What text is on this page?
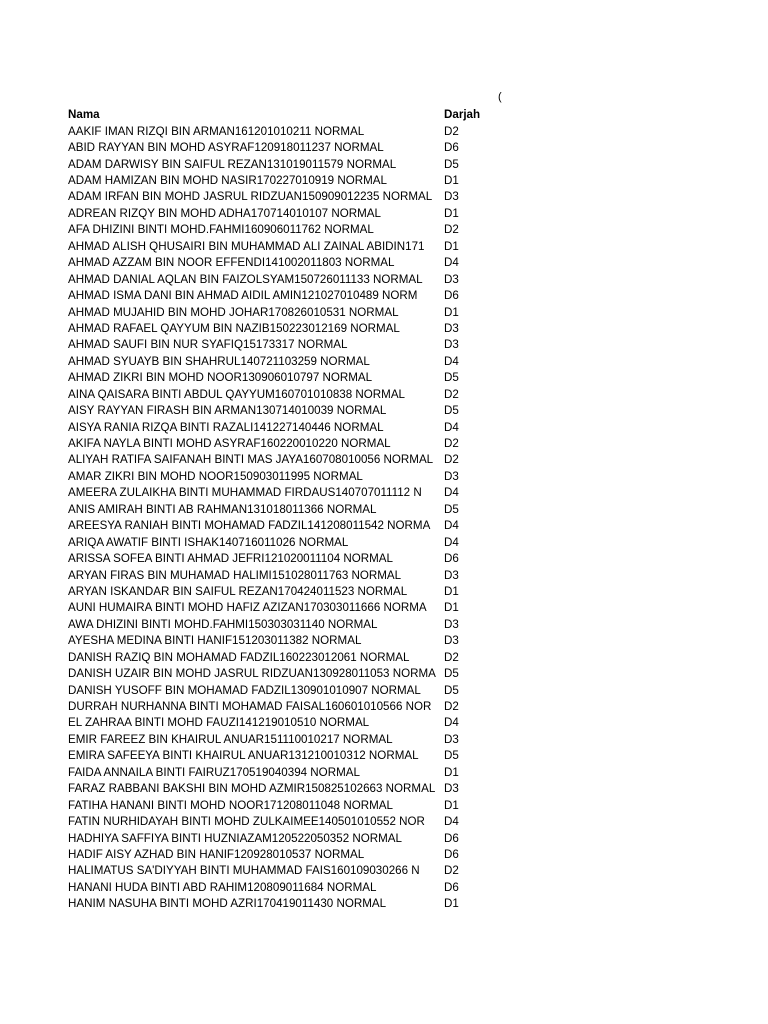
(
Nama	Darjah
AAKIF IMAN RIZQI BIN ARMAN161201010211 NORMAL	D2
ABID RAYYAN BIN MOHD ASYRAF120918011237 NORMAL	D6
ADAM DARWISY BIN SAIFUL REZAN131019011579 NORMAL	D5
ADAM HAMIZAN BIN MOHD NASIR170227010919 NORMAL	D1
ADAM IRFAN BIN MOHD JASRUL RIDZUAN150909012235 NORMAL	D3
ADREAN RIZQY BIN MOHD ADHA170714010107 NORMAL	D1
AFA DHIZINI BINTI MOHD.FAHMI160906011762 NORMAL	D2
AHMAD ALISH QHUSAIRI BIN MUHAMMAD ALI ZAINAL ABIDIN171	D1
AHMAD AZZAM BIN NOOR EFFENDI141002011803 NORMAL	D4
AHMAD DANIAL AQLAN BIN FAIZOLSYAM150726011133 NORMAL	D3
AHMAD ISMA DANI BIN AHMAD AIDIL AMIN121027010489 NORM	D6
AHMAD MUJAHID BIN MOHD JOHAR170826010531 NORMAL	D1
AHMAD RAFAEL QAYYUM BIN NAZIB150223012169 NORMAL	D3
AHMAD SAUFI BIN NUR SYAFIQ15173317 NORMAL	D3
AHMAD SYUAYB BIN SHAHRUL140721103259 NORMAL	D4
AHMAD ZIKRI BIN MOHD NOOR130906010797 NORMAL	D5
AINA QAISARA BINTI ABDUL QAYYUM160701010838 NORMAL	D2
AISY RAYYAN FIRASH BIN ARMAN130714010039 NORMAL	D5
AISYA RANIA RIZQA BINTI RAZALI141227140446 NORMAL	D4
AKIFA NAYLA BINTI MOHD ASYRAF160220010220 NORMAL	D2
ALIYAH RATIFA SAIFANAH BINTI MAS JAYA160708010056 NORMAL D2
AMAR ZIKRI BIN MOHD NOOR150903011995 NORMAL	D3
AMEERA ZULAIKHA BINTI MUHAMMAD FIRDAUS140707011112 N	D4
ANIS AMIRAH BINTI AB RAHMAN131018011366 NORMAL	D5
AREESYA RANIAH BINTI MOHAMAD FADZIL141208011542 NORMA	D4
ARIQA AWATIF BINTI ISHAK140716011026 NORMAL	D4
ARISSA SOFEA BINTI AHMAD JEFRI121020011104 NORMAL	D6
ARYAN FIRAS BIN MUHAMAD HALIMI151028011763 NORMAL	D3
ARYAN ISKANDAR BIN SAIFUL REZAN170424011523 NORMAL	D1
AUNI HUMAIRA BINTI MOHD HAFIZ AZIZAN170303011666 NORMA	D1
AWA DHIZINI BINTI MOHD.FAHMI150303031140 NORMAL	D3
AYESHA MEDINA BINTI HANIF151203011382 NORMAL	D3
DANISH RAZIQ BIN MOHAMAD FADZIL160223012061 NORMAL	D2
DANISH UZAIR BIN MOHD JASRUL RIDZUAN130928011053 NORMA D5
DANISH YUSOFF BIN MOHAMAD FADZIL130901010907 NORMAL	D5
DURRAH NURHANNA BINTI MOHAMAD FAISAL160601010566 NOR	D2
EL ZAHRAA BINTI MOHD FAUZI141219010510 NORMAL	D4
EMIR FAREEZ BIN KHAIRUL ANUAR151110010217 NORMAL	D3
EMIRA SAFEEYA BINTI KHAIRUL ANUAR131210010312 NORMAL	D5
FAIDA ANNAILA BINTI FAIRUZ170519040394 NORMAL	D1
FARAZ RABBANI BAKSHI BIN MOHD AZMIR150825102663 NORMAL D3
FATIHA HANANI BINTI MOHD NOOR171208011048 NORMAL	D1
FATIN NURHIDAYAH BINTI MOHD ZULKAIMEE140501010552 NOR	D4
HADHIYA SAFFIYA BINTI HUZNIAZAM120522050352 NORMAL	D6
HADIF AISY AZHAD BIN HANIF120928010537 NORMAL	D6
HALIMATUS SA'DIYYAH BINTI MUHAMMAD FAIS160109030266 N	D2
HANANI HUDA BINTI ABD RAHIM120809011684 NORMAL	D6
HANIM NASUHA BINTI MOHD AZRI170419011430 NORMAL	D1
